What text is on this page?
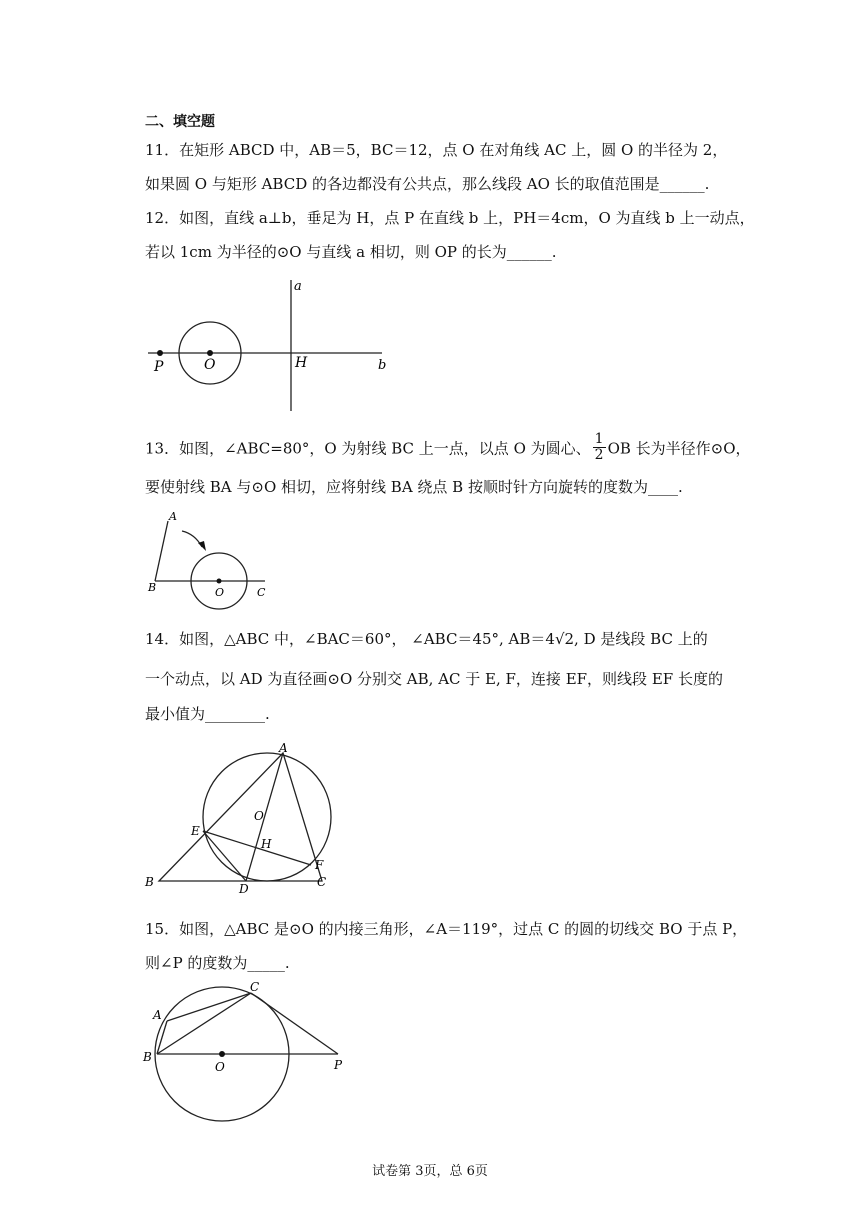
二、填空题
11．在矩形 ABCD 中，AB＝5，BC＝12，点 O 在对角线 AC 上，圆 O 的半径为 2，
如果圆 O 与矩形 ABCD 的各边都没有公共点，那么线段 AO 长的取值范围是______.
12．如图，直线 a⊥b，垂足为 H，点 P 在直线 b 上，PH＝4cm，O 为直线 b 上一动点，
若以 1cm 为半径的⊙O 与直线 a 相切，则 OP 的长为______.
a
b
P	O	H
13．如图，∠ABC=80°，O 为射线 BC 上一点，以点 O 为圆心、 $\frac{1}{2}$ OB 长为半径作⊙O，
要使射线 BA 与⊙O 相切，应将射线 BA 绕点 B 按顺时针方向旋转的度数为____.
A
B	O	C
14．如图，△ABC 中，∠BAC＝60°， ∠ABC＝45°, AB＝4√2, D 是线段 BC 上的
一个动点，以 AD 为直径画⊙O 分别交 AB, AC 于 E, F，连接 EF，则线段 EF 长度的
最小值为________.
A
O
E
H
F
B	D	C
15．如图，△ABC 是⊙O 的内接三角形，∠A＝119°，过点 C 的圆的切线交 BO 于点 P，
则∠P 的度数为_____.
C
A
B
O	P
试卷第 3页，总 6页
